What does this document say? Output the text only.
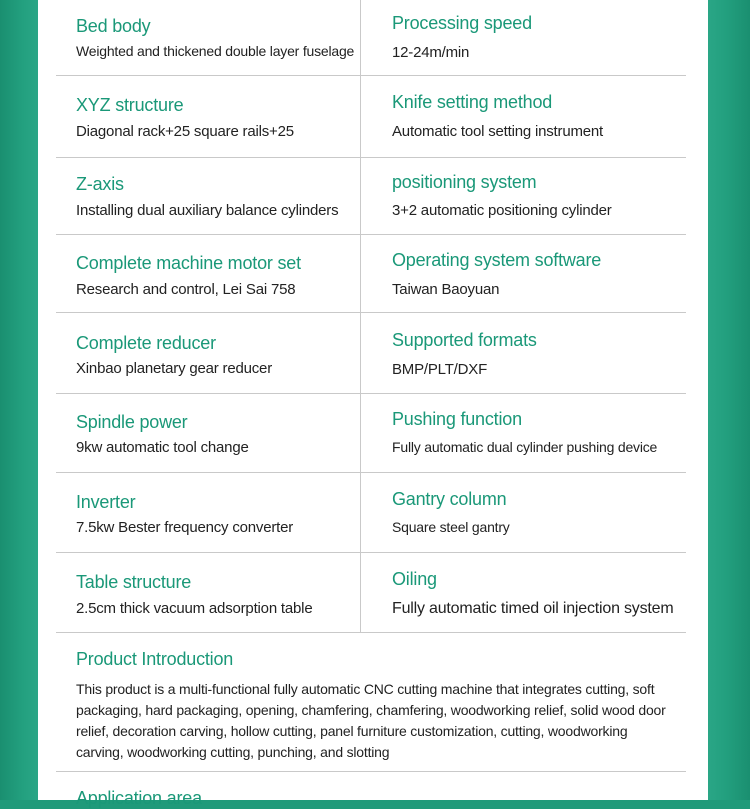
Bed body
Weighted and thickened double layer fuselage
Processing speed
12-24m/min
XYZ structure
Diagonal rack+25 square rails+25
Knife setting method
Automatic tool setting instrument
Z-axis
Installing dual auxiliary balance cylinders
positioning system
3+2 automatic positioning cylinder
Complete machine motor set
Research and control, Lei Sai 758
Operating system software
Taiwan Baoyuan
Complete reducer
Xinbao planetary gear reducer
Supported formats
BMP/PLT/DXF
Spindle power
9kw automatic tool change
Pushing function
Fully automatic dual cylinder pushing device
Inverter
7.5kw Bester frequency converter
Gantry column
Square steel gantry
Table structure
2.5cm thick vacuum adsorption table
Oiling
Fully automatic timed oil injection system
Product Introduction
This product is a multi-functional fully automatic CNC cutting machine that integrates cutting, soft packaging, hard packaging, opening, chamfering, chamfering, woodworking relief, solid wood door relief, decoration carving, hollow cutting, panel furniture customization, cutting, woodworking carving, woodworking cutting, punching, and slotting
Application area
